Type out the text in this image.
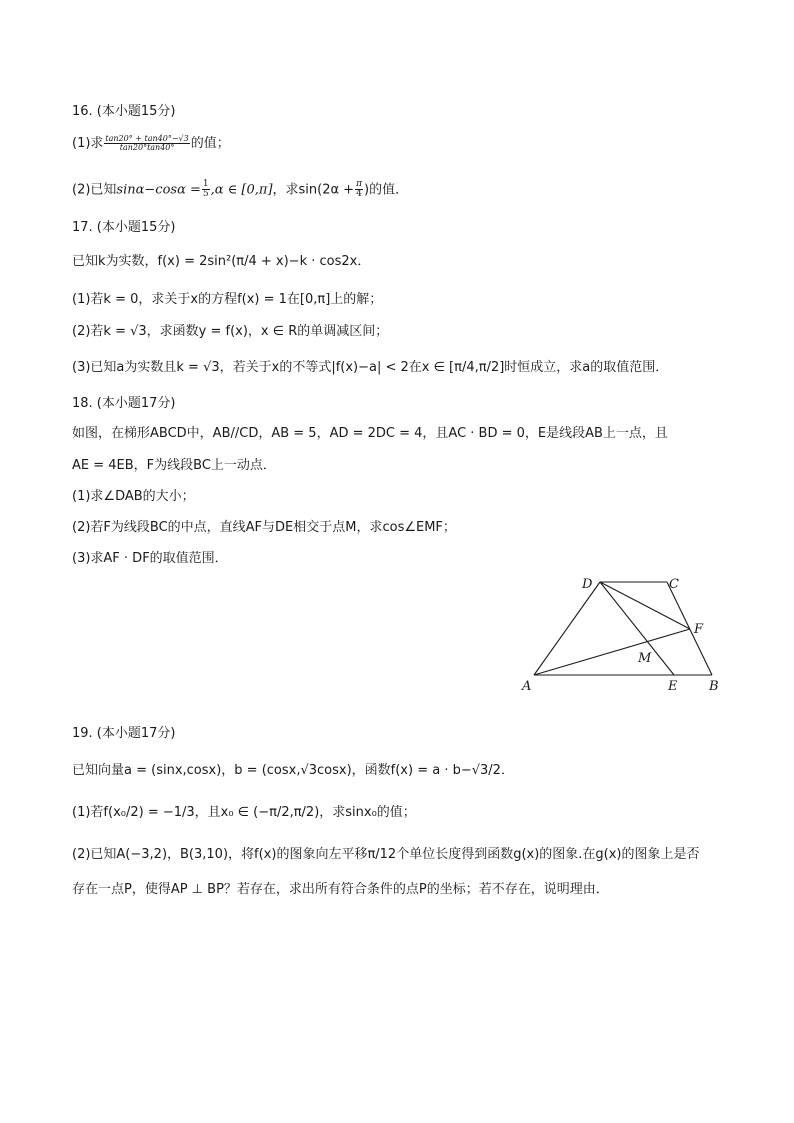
16. (本小题15分)
(1)求 $\frac{\tan 20^\circ + \tan 40^\circ-√3}{\tan 20^\circ\tan 40^\circ}$ 的值；
(2)已知$\sin\alpha-\cos\alpha = \frac{1}{5} ,\alpha$ ∈ [0,π]，求$\sin(2\alpha + \frac{\pi}{4}$ )的值．
17. (本小题15分)
已知k为实数，f(x) = 2sin²(π/4 + x)−k · cos2x．
(1)若k = 0，求关于x的方程f(x) = 1在[0,π]上的解；
(2)若k = √3，求函数y = f(x)，x ∈ R的单调减区间；
(3)已知a为实数且k = √3，若关于x的不等式|f(x)−a| < 2在x ∈ [π/4,π/2]时恒成立，求a的取值范围．
18. (本小题17分)
如图，在梯形ABCD中，AB//CD，AB = 5，AD = 2DC = 4，且AC · BD = 0，E是线段AB上一点，且
AE = 4EB，F为线段BC上一动点．
(1)求∠DAB的大小；
(2)若F为线段BC的中点，直线AF与DE相交于点M，求cos∠EMF；
(3)求AF · DF的取值范围．
D	C
F
M
A	E B
19. (本小题17分)
已知向量a = (sinx,cosx)，b = (cosx,√3cosx)，函数f(x) = a · b−√3/2．
(1)若f(x₀/2) = −1/3，且x₀ ∈ (−π/2,π/2)，求sinx₀的值；
(2)已知A(−3,2)，B(3,10)，将f(x)的图象向左平移π/12个单位长度得到函数g(x)的图象.在g(x)的图象上是否
存在一点P，使得AP ⊥ BP？若存在，求出所有符合条件的点P的坐标；若不存在，说明理由．
